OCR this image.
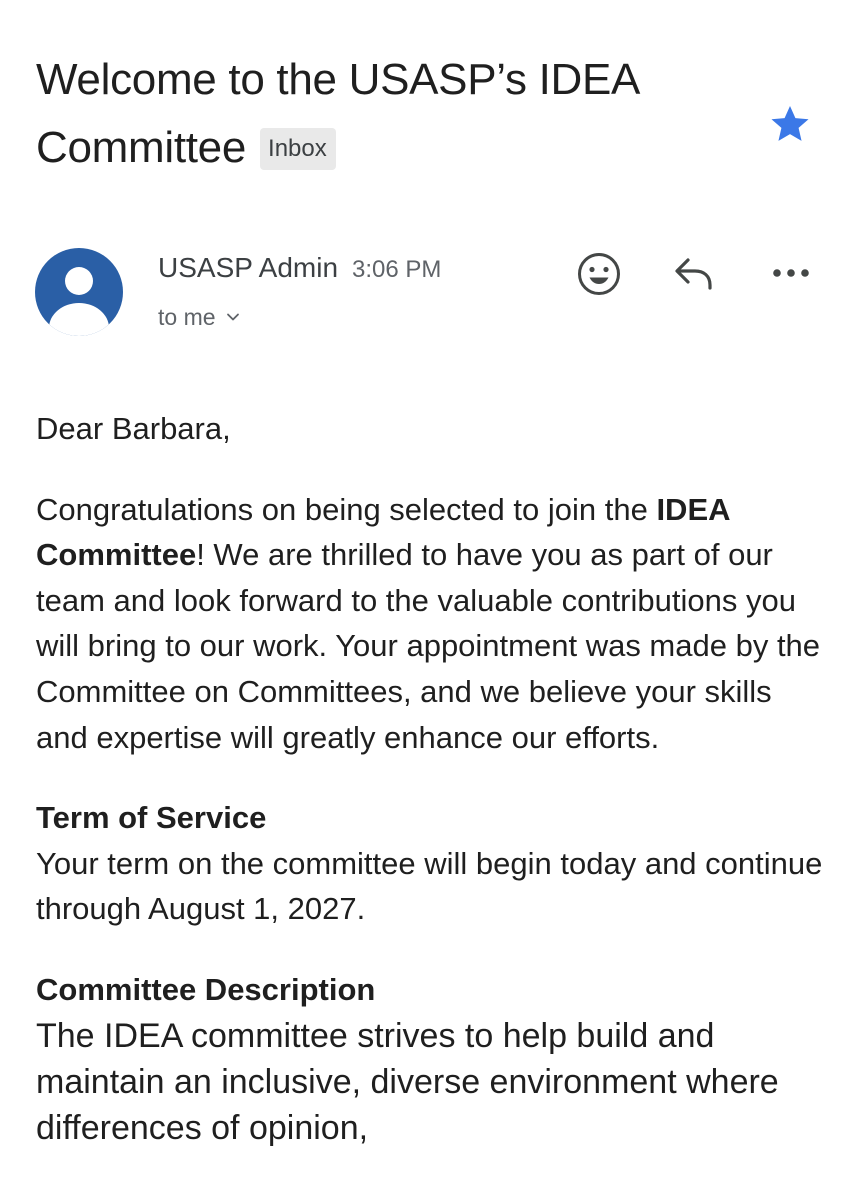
Welcome to the USASP’s IDEA Committee Inbox
USASP Admin 3:06 PM
to me

Dear Barbara,

Congratulations on being selected to join the IDEA Committee! We are thrilled to have you as part of our team and look forward to the valuable contributions you will bring to our work. Your appointment was made by the Committee on Committees, and we believe your skills and expertise will greatly enhance our efforts.

Term of Service

Your term on the committee will begin today and continue through August 1, 2027.

Committee Description

The IDEA committee strives to help build and maintain an inclusive, diverse environment where differences of opinion,
